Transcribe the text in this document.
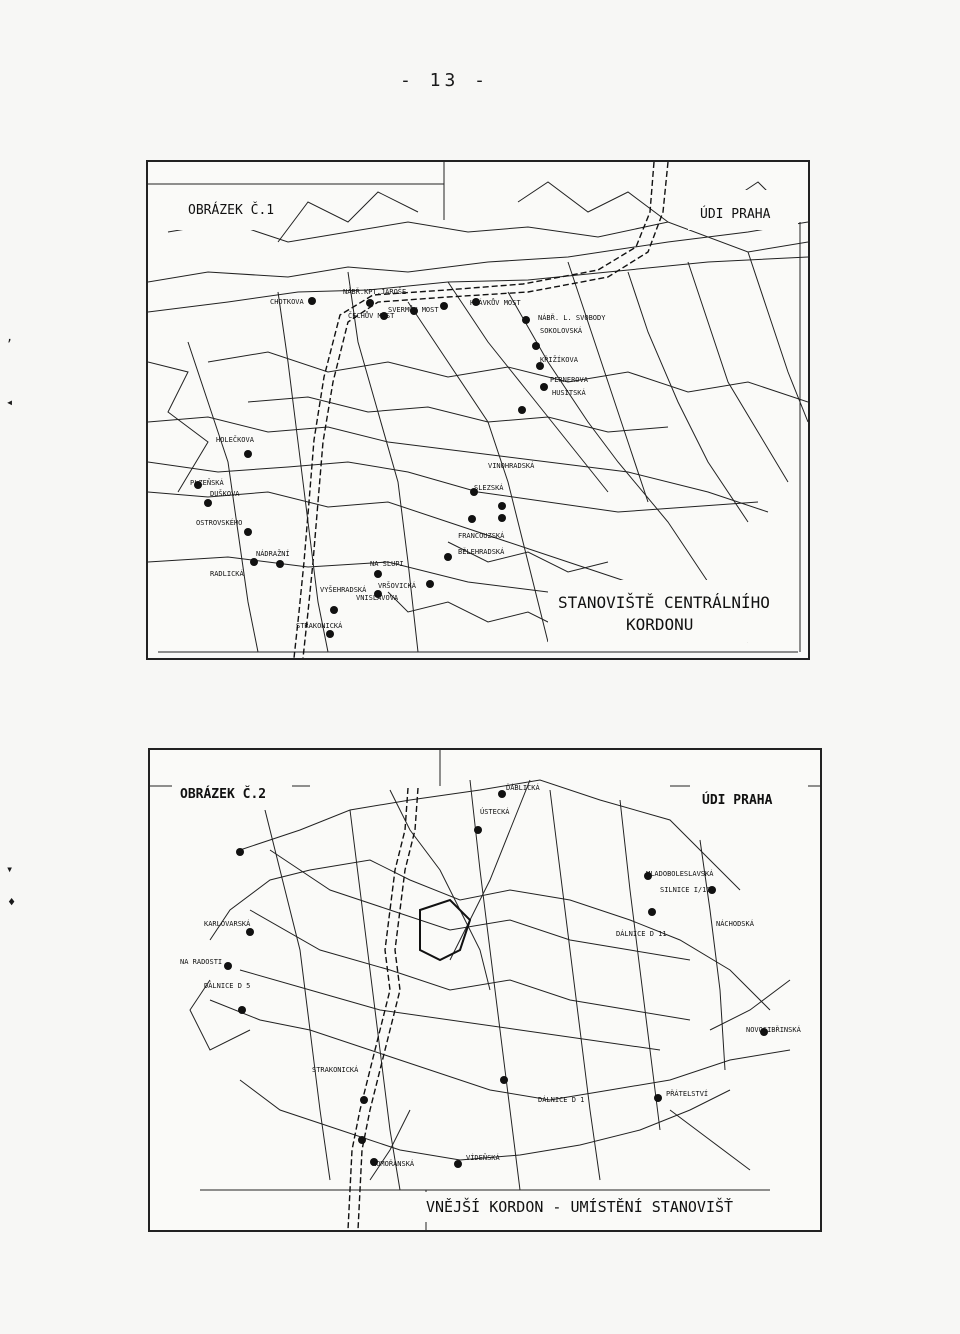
- 13 -
,
◂
▾
♦
CHOTKOVA
NÁBŘ.KPT.JAROŠE
ČECHŮV MOST
SVERMŮV MOST
HLÁVKŮV MOST
NÁBŘ. L. SVOBODY
SOKOLOVSKÁ
KŘIŽÍKOVA
PERNEROVA
HUSITSKÁ
HOLEČKOVA
PLZEŇSKÁ
DUŠKOVA
OSTROVSKÉHO
NÁDRAŽNÍ
RADLICKÁ
NA SLUPI
VRŠOVICKÁ
VINOHRADSKÁ
SLEZSKÁ
FRANCOUZSKÁ
BĚLEHRADSKÁ
VYŠEHRADSKÁ
STRAKONICKÁ
VNISLAVOVA
OBRÁZEK Č.1	ÚDI PRAHA
STANOVIŠTĚ CENTRÁLNÍHO
KORDONU
ÚSTECKÁ
ĎÁBLICKÁ
MLADOBOLESLAVSKÁ
SILNICE I/10
NÁCHODSKÁ
DÁLNICE D 11
KARLOVARSKÁ
NA RADOSTI
DÁLNICE D 5
NOVOSIBŘINSKÁ
STRAKONICKÁ
DÁLNICE D 1
PŘÁTELSTVÍ
KOMOŘANSKÁ
VÍDEŇSKÁ
OBRÁZEK Č.2	ÚDI PRAHA
VNĚJŠÍ KORDON - UMÍSTĚNÍ STANOVIŠŤ
